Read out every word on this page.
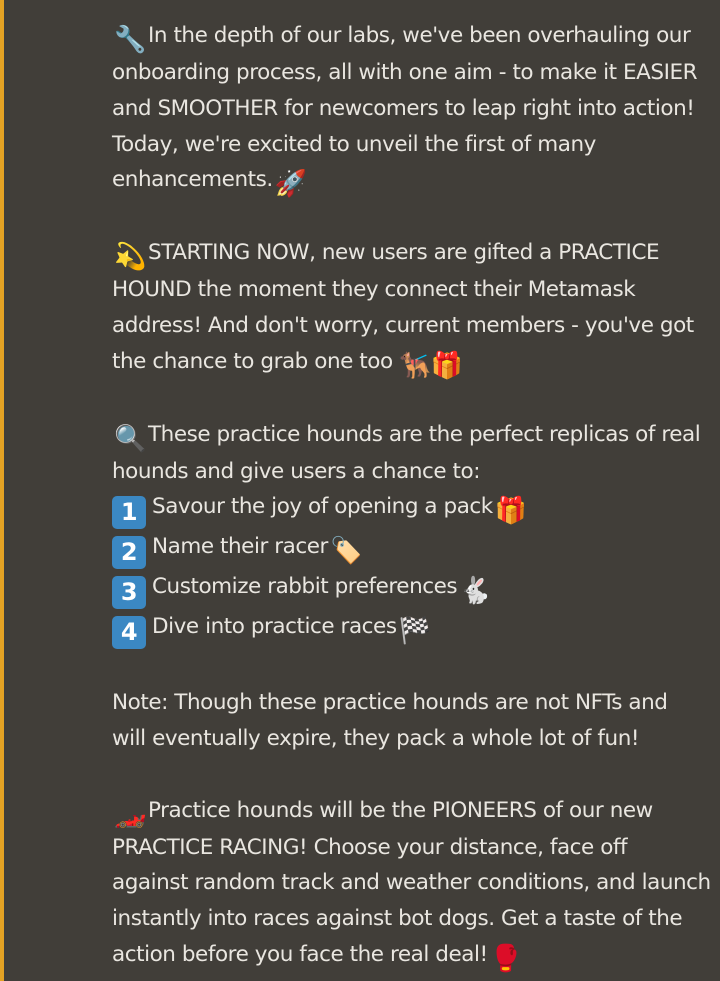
🔧In the depth of our labs, we've been overhauling our
onboarding process, all with one aim - to make it EASIER
and SMOOTHER for newcomers to leap right into action!
Today, we're excited to unveil the first of many
enhancements.🚀

💫STARTING NOW, new users are gifted a PRACTICE
HOUND the moment they connect their Metamask
address! And don't worry, current members - you've got
the chance to grab one too 🐕‍🦺🎁

🔍These practice hounds are the perfect replicas of real
hounds and give users a chance to:
1 Savour the joy of opening a pack🎁
2 Name their racer🏷️
3 Customize rabbit preferences🐇
4 Dive into practice races🏁

Note: Though these practice hounds are not NFTs and
will eventually expire, they pack a whole lot of fun!

🏎️Practice hounds will be the PIONEERS of our new
PRACTICE RACING! Choose your distance, face off
against random track and weather conditions, and launch
instantly into races against bot dogs. Get a taste of the
action before you face the real deal!🥊
